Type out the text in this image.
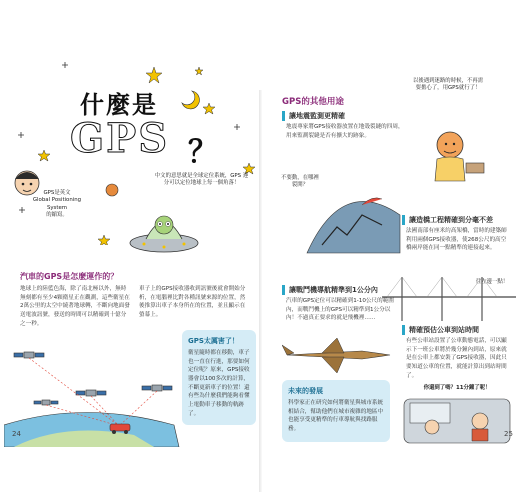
什麼是
GPS ？
GPS是英文
Global Positioning System
的縮寫。
中文的意思就是全球定位系統，GPS 連分可以定位地球上每一個角落！
汽車的GPS是怎麼運作的？
地球上的陸藍色海，除了南北極以外，無時無刻都有至少4顆衛星正在觀測，這些衛星在2萬公里的太空中繞著地球轉，不斷向地面發送電波訊號，發送的時間可以精確到十億分之一秒。
車子上的GPS接收器收到訊號後就會開始分析，在電腦裡比對各種訊號來源的位置，然後推算出車子本身所在的位置，並且顯示在螢幕上。
GPS太厲害了！
衛星隨時都在移動，車子也一直在行進，那要如何定位呢？原來，GPS接收器會以100多次的計算，不斷更新車子的位置！還有些為什麼我們能夠看懂上電動車子移動的軌跡了。
24
GPS的其他用途
以後遇到迷路的時候，不再需要擔心了，用GPS就行了！
讓地震監測更精確
地震專家將GPS接收器放置在地殼裂縫的四周，用來監測裂縫是否有擴大的跡象。
不要動，在哪裡裂開？
讓造橋工程精確到分毫不差
法國南部有座米約高架橋，當時的建築師利用兩個GPS接收器，使268公尺的高空橋兩岸能在同一點精準的連接起來。
往左邊一點！
讓戰鬥機導航精準到1公分內
汽車的GPS定位可以精確到1-10公尺的範圍內，而戰鬥機上的GPS可以精準到1公分以內！不過真正要求的就是飛機裡……
精確預估公車到站時間
有些公車站設置了公車動態電話，可以顯示下一班公車將於幾分鐘內到站，原來就是在公車上都安裝了GPS接收器，因此只要知道公車的位置，就能計算出到站時間了。
未來的發展
科學家正在研究如何將衛星與城市系統相結合，幫助他們在城市複雜的地區中也能享受更精準的行車導航與找路服務。
你還到了嗎？11分鐘了呢！
25
